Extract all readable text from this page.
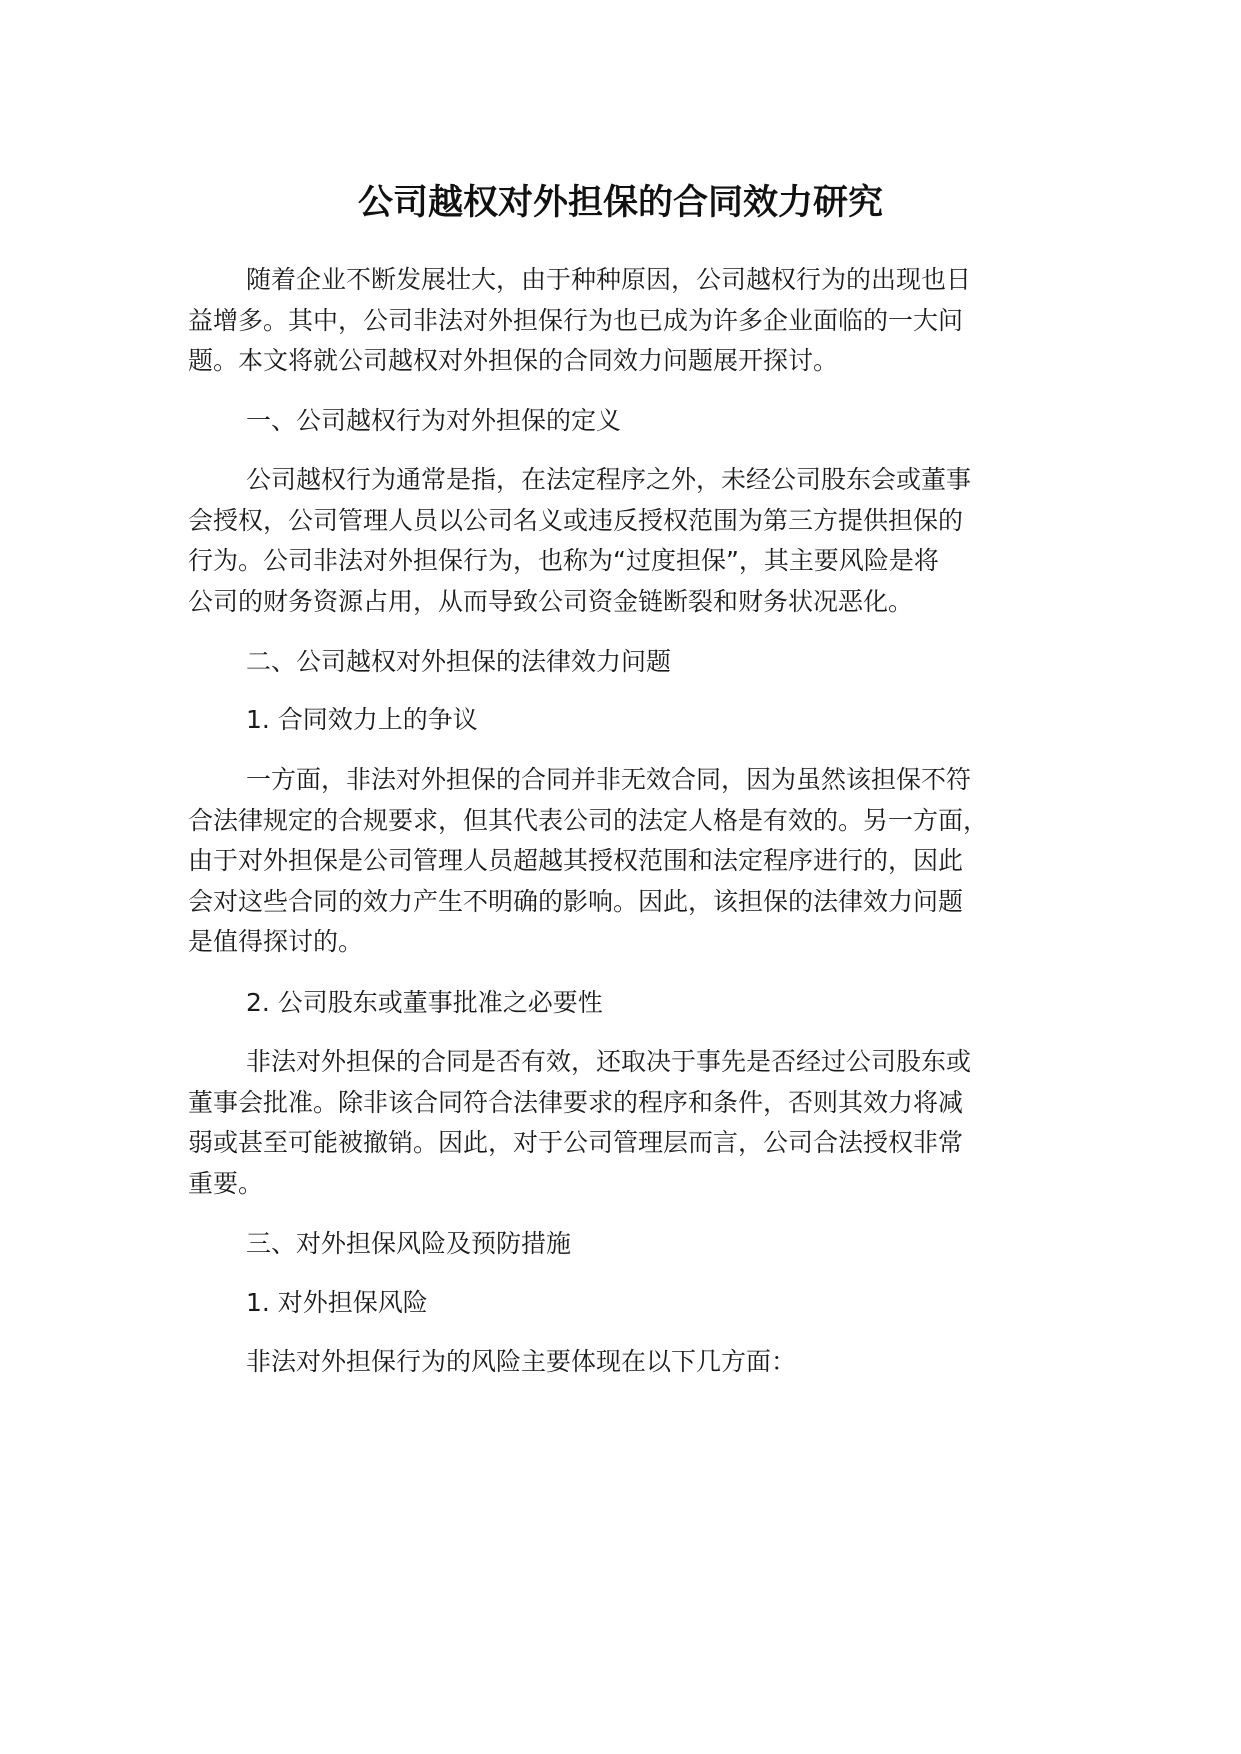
公司越权对外担保的合同效力研究
随着企业不断发展壮大，由于种种原因，公司越权行为的出现也日
益增多。其中，公司非法对外担保行为也已成为许多企业面临的一大问
题。本文将就公司越权对外担保的合同效力问题展开探讨。
一、公司越权行为对外担保的定义
公司越权行为通常是指，在法定程序之外，未经公司股东会或董事
会授权，公司管理人员以公司名义或违反授权范围为第三方提供担保的
行为。公司非法对外担保行为，也称为“过度担保”，其主要风险是将
公司的财务资源占用，从而导致公司资金链断裂和财务状况恶化。
二、公司越权对外担保的法律效力问题
1. 合同效力上的争议
一方面，非法对外担保的合同并非无效合同，因为虽然该担保不符
合法律规定的合规要求，但其代表公司的法定人格是有效的。另一方面，
由于对外担保是公司管理人员超越其授权范围和法定程序进行的，因此
会对这些合同的效力产生不明确的影响。因此，该担保的法律效力问题
是值得探讨的。
2. 公司股东或董事批准之必要性
非法对外担保的合同是否有效，还取决于事先是否经过公司股东或
董事会批准。除非该合同符合法律要求的程序和条件，否则其效力将减
弱或甚至可能被撤销。因此，对于公司管理层而言，公司合法授权非常
重要。
三、对外担保风险及预防措施
1. 对外担保风险
非法对外担保行为的风险主要体现在以下几方面：
